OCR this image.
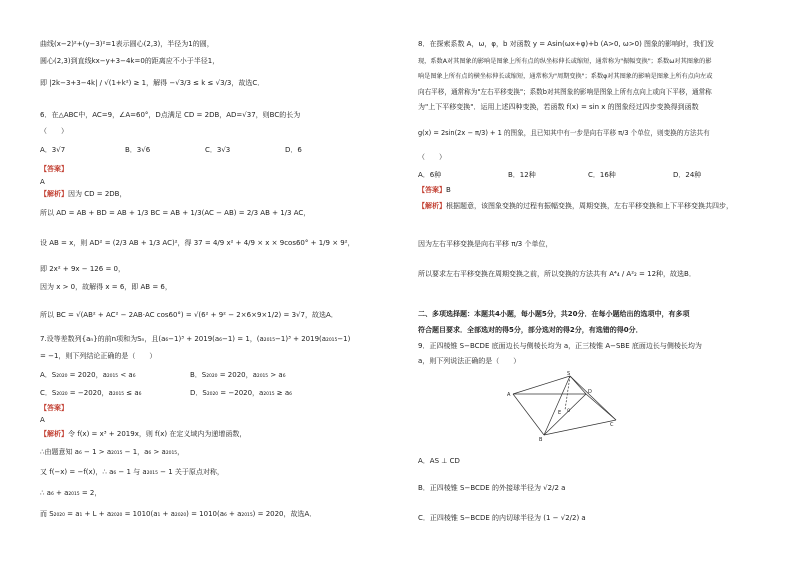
曲线(x−2)²+(y−3)²=1表示圆心(2,3)，半径为1的圆，
圆心(2,3)到直线kx−y+3−4k=0的距离应不小于半径1，
即 |2k−3+3−4k| / √(1+k²) ≥ 1，解得 −√3/3 ≤ k ≤ √3/3，故选C．
6．在△ABC中，AC=9，∠A=60°，D点满足 CD = 2DB，AD=√37，则BC的长为
（　　）
A．3√7	B．3√6	C．3√3	D．6
【答案】
A
【解析】因为 CD = 2DB，
所以 AD = AB + BD = AB + 1/3 BC = AB + 1/3(AC − AB) = 2/3 AB + 1/3 AC，
设 AB = x，则 AD² = (2/3 AB + 1/3 AC)²，得 37 = 4/9 x² + 4/9 × x × 9cos60° + 1/9 × 9²，
即 2x² + 9x − 126 = 0，
因为 x > 0，故解得 x = 6，即 AB = 6，
所以 BC = √(AB² + AC² − 2AB·AC cos60°) = √(6² + 9² − 2×6×9×1/2) = 3√7，故选A．
7.设等差数列{aₙ}的前n项和为Sₙ，且(a₆−1)³ + 2019(a₆−1) = 1，(a₂₀₁₅−1)³ + 2019(a₂₀₁₅−1)
= −1，则下列结论正确的是（　　）
A．S₂₀₂₀ = 2020，a₂₀₁₅ < a₆	B．S₂₀₂₀ = 2020，a₂₀₁₅ > a₆
C．S₂₀₂₀ = −2020，a₂₀₁₅ ≤ a₆	D．S₂₀₂₀ = −2020，a₂₀₁₅ ≥ a₆
【答案】
A
【解析】令 f(x) = x³ + 2019x，则 f(x) 在定义域内为递增函数，
∴由题意知 a₆ − 1 > a₂₀₁₅ − 1，a₆ > a₂₀₁₅，
又 f(−x) = −f(x)，∴ a₆ − 1 与 a₂₀₁₅ − 1 关于原点对称，
∴ a₆ + a₂₀₁₅ = 2，
而 S₂₀₂₀ = a₁ + L + a₂₀₂₀ = 1010(a₁ + a₂₀₂₀) = 1010(a₆ + a₂₀₁₅) = 2020，故选A．
8．在探索系数 A，ω，φ，b 对函数 y = Asin(ωx+φ)+b (A>0, ω>0) 图象的影响时，我们发
现，系数A对其图象的影响是图象上所有点的纵坐标伸长或缩短，通常称为"振幅变换"；系数ω对其图象的影
响是图象上所有点的横坐标伸长或缩短，通常称为"周期变换"；系数φ对其图象的影响是图象上所有点向左或
向右平移，通常称为"左右平移变换"；系数b对其图象的影响是图象上所有点向上或向下平移，通常称
为"上下平移变换"．运用上述四种变换，若函数 f(x) = sin x 的图象经过四步变换得到函数
g(x) = 2sin(2x − π/3) + 1 的图象，且已知其中有一步是向右平移 π/3 个单位，则变换的方法共有
（　　）
A．6种	B．12种	C．16种	D．24种
【答案】B
【解析】根据题意，该图象变换的过程有振幅变换，周期变换，左右平移变换和上下平移变换共四步，
因为左右平移变换是向右平移 π/3 个单位，
所以要求左右平移变换在周期变换之前，所以变换的方法共有 A⁴₄ / A²₂ = 12种，故选B．
二、多项选择题：本题共4小题，每小题5分，共20分．在每小题给出的选项中，有多项
符合题目要求．全部选对的得5分，部分选对的得2分，有选错的得0分．
9．正四棱锥 S−BCDE 底面边长与侧棱长均为 a，正三棱锥 A−SBE 底面边长与侧棱长均为
a，则下列说法正确的是（　　）
S
A
B
C
D
E O
A．AS ⊥ CD
B．正四棱锥 S−BCDE 的外接球半径为 √2/2 a
C．正四棱锥 S−BCDE 的内切球半径为 (1 − √2/2) a
